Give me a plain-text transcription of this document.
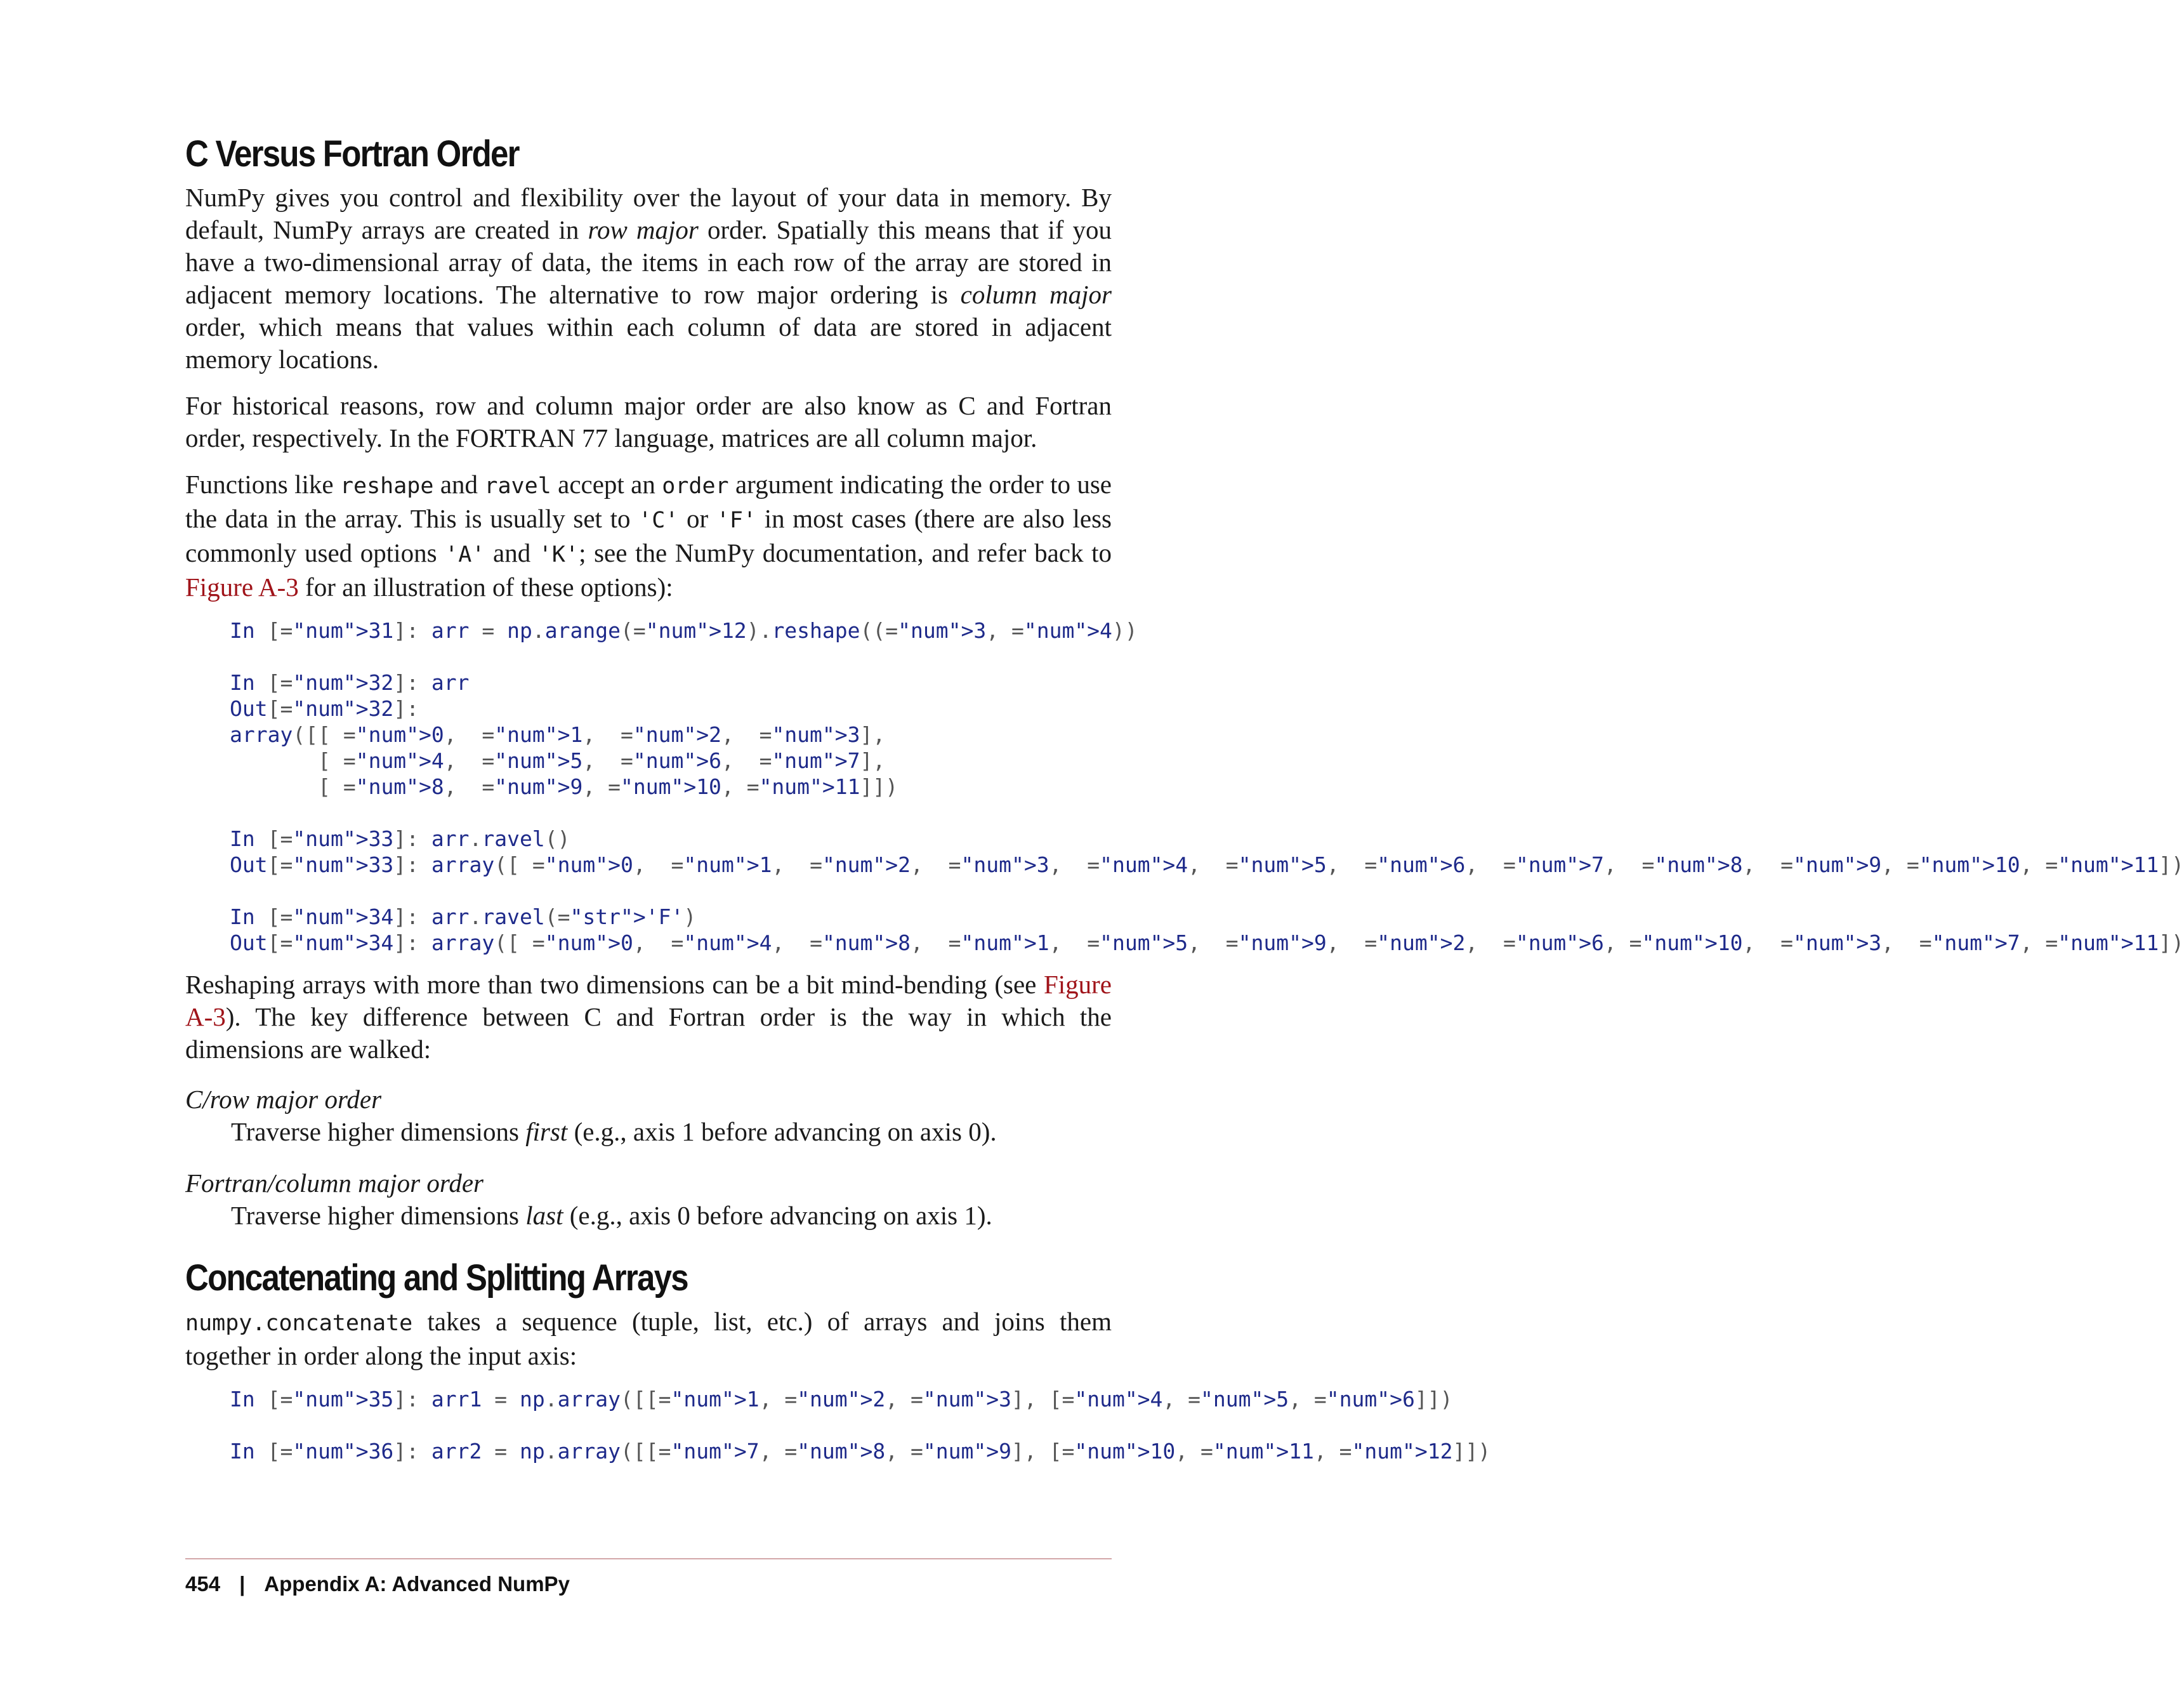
C Versus Fortran Order

NumPy gives you control and flexibility over the layout of your data in memory. By default, NumPy arrays are created in row major order. Spatially this means that if you have a two-dimensional array of data, the items in each row of the array are stored in adjacent memory locations. The alternative to row major ordering is column major order, which means that values within each column of data are stored in adjacent memory locations.

For historical reasons, row and column major order are also know as C and Fortran order, respectively. In the FORTRAN 77 language, matrices are all column major.

Functions like reshape and ravel accept an order argument indicating the order to use the data in the array. This is usually set to 'C' or 'F' in most cases (there are also less commonly used options 'A' and 'K'; see the NumPy documentation, and refer back to Figure A-3 for an illustration of these options):

In [="num">31]: arr = np.arange(="num">12).reshape((="num">3, ="num">4))
In [="num">32]: arr
Out[="num">32]:
array([[ ="num">0, ="num">1, ="num">2, ="num">3],
[ ="num">4, ="num">5, ="num">6, ="num">7],
[ ="num">8, ="num">9, ="num">10, ="num">11]])
In [="num">33]: arr.ravel()
Out[="num">33]: array([ ="num">0, ="num">1, ="num">2, ="num">3, ="num">4, ="num">5, ="num">6, ="num">7, ="num">8, ="num">9, ="num">10, ="num">11])
In [="num">34]: arr.ravel(="str">'F')
Out[="num">34]: array([ ="num">0, ="num">4, ="num">8, ="num">1, ="num">5, ="num">9, ="num">2, ="num">6, ="num">10, ="num">3, ="num">7, ="num">11])

Reshaping arrays with more than two dimensions can be a bit mind-bending (see Figure A-3). The key difference between C and Fortran order is the way in which the dimensions are walked:

C/row major order
Traverse higher dimensions first (e.g., axis 1 before advancing on axis 0).
Fortran/column major order
Traverse higher dimensions last (e.g., axis 0 before advancing on axis 1).
Concatenating and Splitting Arrays

numpy.concatenate takes a sequence (tuple, list, etc.) of arrays and joins them together in order along the input axis:

In [="num">35]: arr1 = np.array([[="num">1, ="num">2, ="num">3], [="num">4, ="num">5, ="num">6]])
In [="num">36]: arr2 = np.array([[="num">7, ="num">8, ="num">9], [="num">10, ="num">11, ="num">12]])
454 | Appendix A: Advanced NumPy
